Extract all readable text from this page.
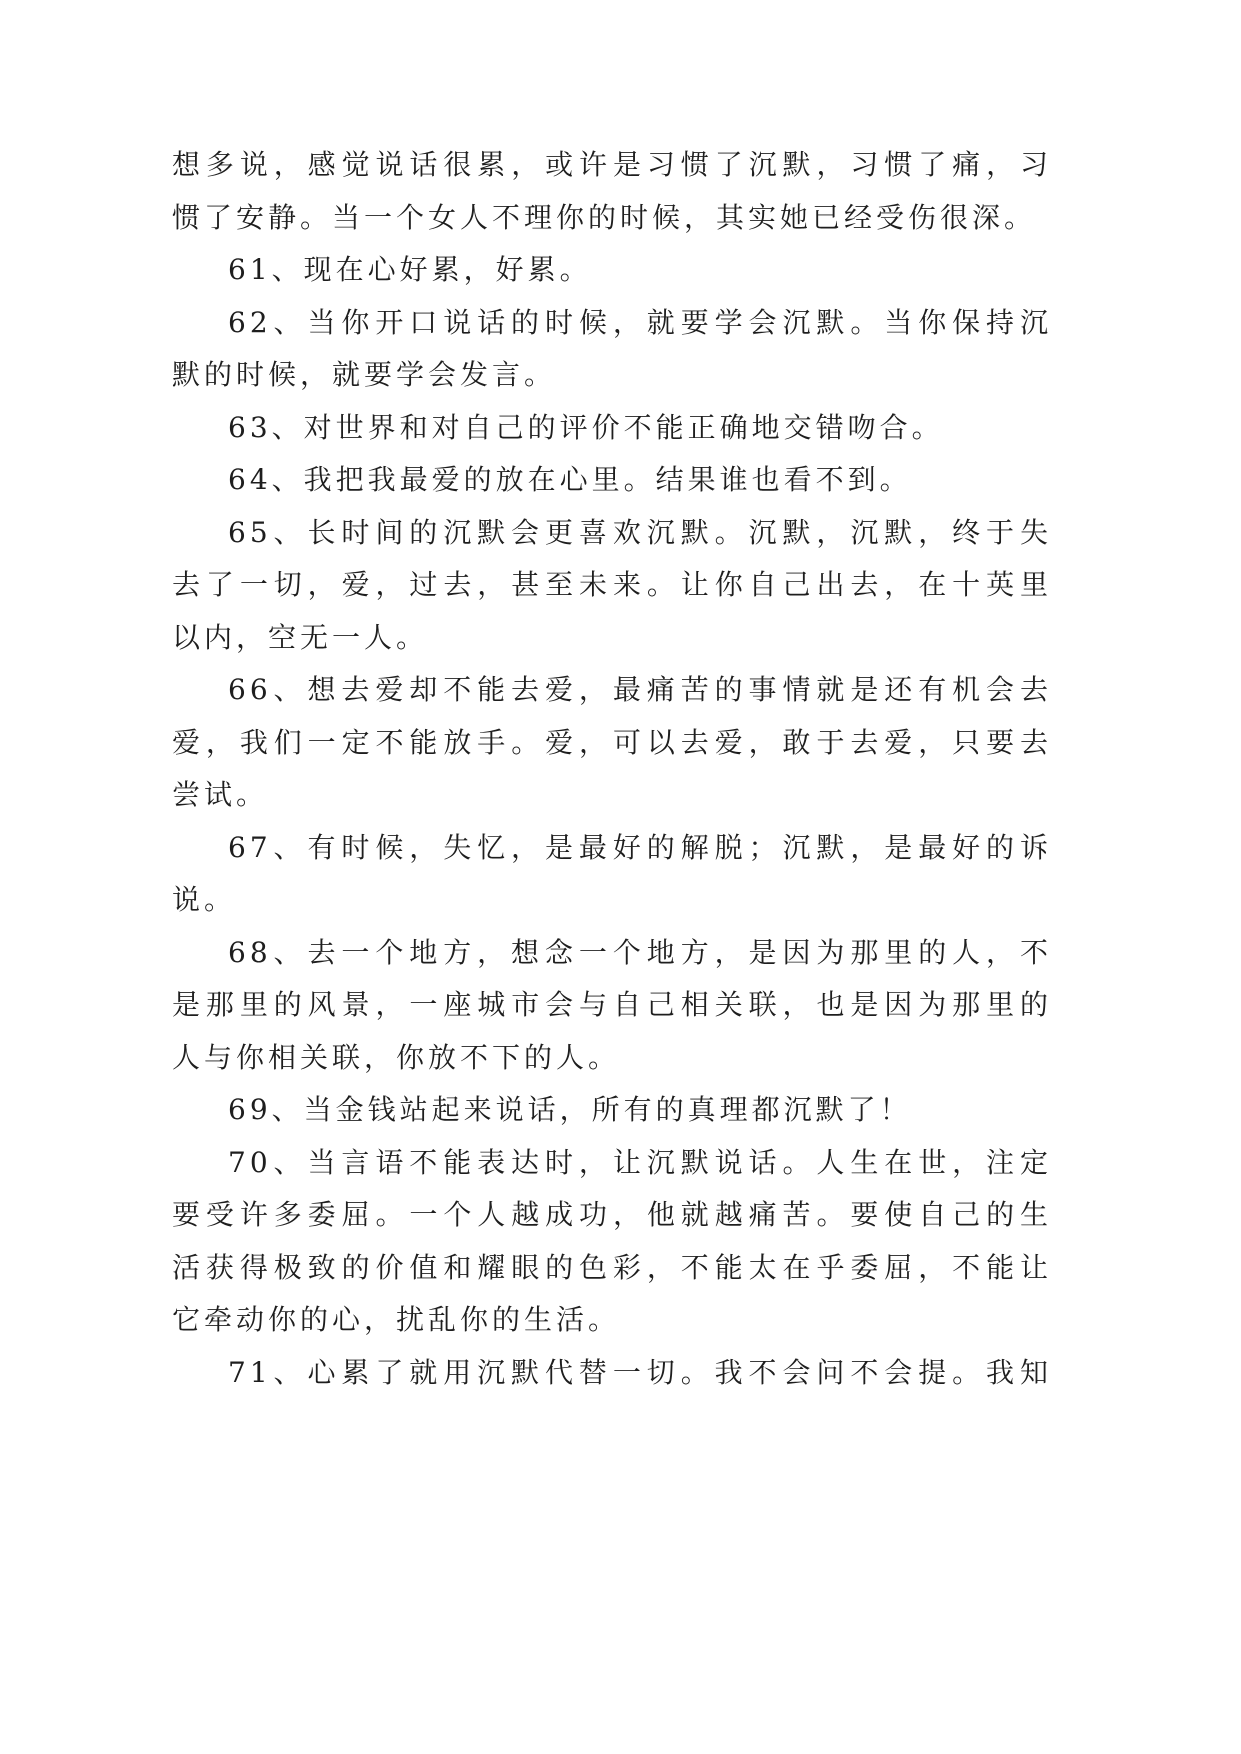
想多说，感觉说话很累，或许是习惯了沉默，习惯了痛，习
惯了安静。当一个女人不理你的时候，其实她已经受伤很深。
61、现在心好累，好累。
62、当你开口说话的时候，就要学会沉默。当你保持沉
默的时候，就要学会发言。
63、对世界和对自己的评价不能正确地交错吻合。
64、我把我最爱的放在心里。结果谁也看不到。
65、长时间的沉默会更喜欢沉默。沉默，沉默，终于失
去了一切，爱，过去，甚至未来。让你自己出去，在十英里
以内，空无一人。
66、想去爱却不能去爱，最痛苦的事情就是还有机会去
爱，我们一定不能放手。爱，可以去爱，敢于去爱，只要去
尝试。
67、有时候，失忆，是最好的解脱；沉默，是最好的诉
说。
68、去一个地方，想念一个地方，是因为那里的人，不
是那里的风景，一座城市会与自己相关联，也是因为那里的
人与你相关联，你放不下的人。
69、当金钱站起来说话，所有的真理都沉默了！
70、当言语不能表达时，让沉默说话。人生在世，注定
要受许多委屈。一个人越成功，他就越痛苦。要使自己的生
活获得极致的价值和耀眼的色彩，不能太在乎委屈，不能让
它牵动你的心，扰乱你的生活。
71、心累了就用沉默代替一切。我不会问不会提。我知
